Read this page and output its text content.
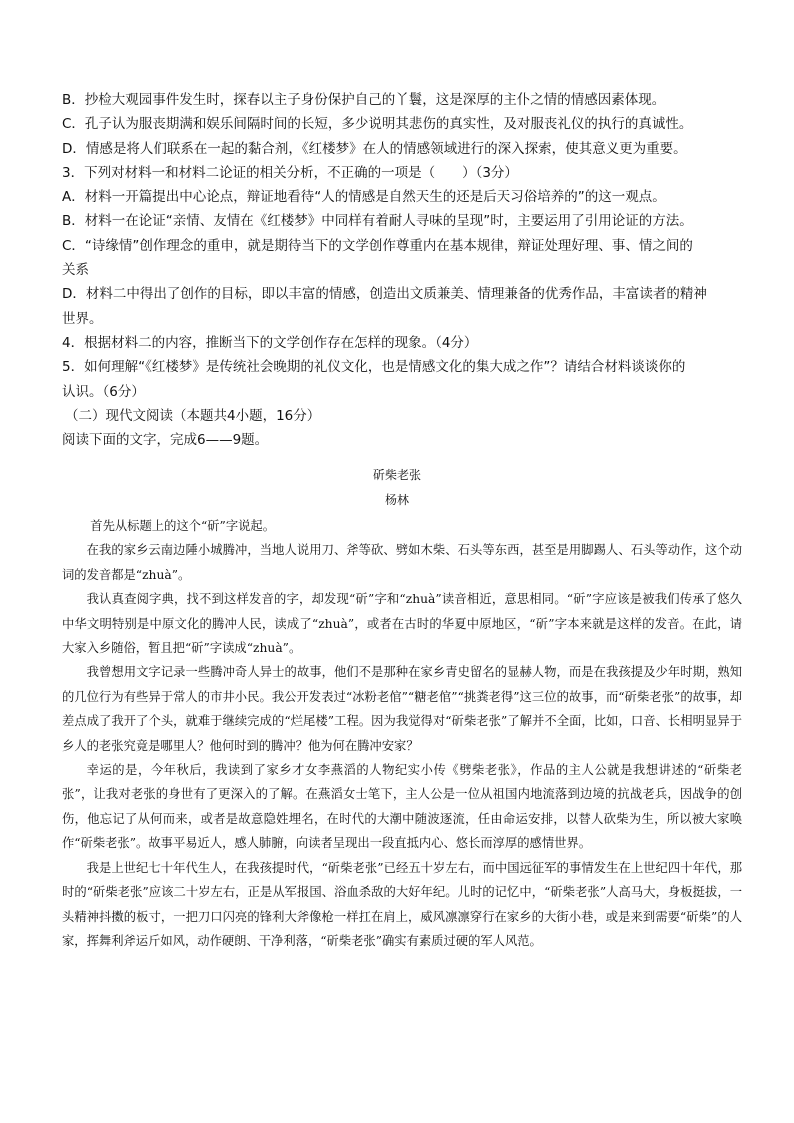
B．抄检大观园事件发生时，探春以主子身份保护自己的丫鬟，这是深厚的主仆之情的情感因素体现。

C．孔子认为服丧期满和娱乐间隔时间的长短，多少说明其悲伤的真实性，及对服丧礼仪的执行的真诚性。

D．情感是将人们联系在一起的黏合剂，《红楼梦》在人的情感领域进行的深入探索，使其意义更为重要。

3．下列对材料一和材料二论证的相关分析，不正确的一项是（　　）（3分）

A．材料一开篇提出中心论点，辩证地看待“人的情感是自然天生的还是后天习俗培养的”的这一观点。

B．材料一在论证“亲情、友情在《红楼梦》中同样有着耐人寻味的呈现”时，主要运用了引用论证的方法。

C．“诗缘情”创作理念的重申，就是期待当下的文学创作尊重内在基本规律，辩证处理好理、事、情之间的

关系

D．材料二中得出了创作的目标，即以丰富的情感，创造出文质兼美、情理兼备的优秀作品，丰富读者的精神

世界。

4．根据材料二的内容，推断当下的文学创作存在怎样的现象。（4分）

5．如何理解“《红楼梦》是传统社会晚期的礼仪文化，也是情感文化的集大成之作”？请结合材料谈谈你的

认识。（6分）

（二）现代文阅读（本题共4小题，16分）

阅读下面的文字，完成6——9题。

斫柴老张
杨林

首先从标题上的这个“斫”字说起。

在我的家乡云南边陲小城腾冲，当地人说用刀、斧等砍、劈如木柴、石头等东西，甚至是用脚踢人、石头等动作，这个动词的发音都是“zhuà”。

我认真查阅字典，找不到这样发音的字，却发现“斫”字和“zhuà”读音相近，意思相同。“斫”字应该是被我们传承了悠久中华文明特别是中原文化的腾冲人民，读成了“zhuà”，或者在古时的华夏中原地区，“斫”字本来就是这样的发音。在此，请大家入乡随俗，暂且把“斫”字读成“zhuà”。

我曾想用文字记录一些腾冲奇人异士的故事，他们不是那种在家乡青史留名的显赫人物，而是在我孩提及少年时期，熟知的几位行为有些异于常人的市井小民。我公开发表过“冰粉老倌”“糖老倌”“挑粪老得”这三位的故事，而“斫柴老张”的故事，却差点成了我开了个头，就难于继续完成的“烂尾楼”工程。因为我觉得对“斫柴老张”了解并不全面，比如，口音、长相明显异于乡人的老张究竟是哪里人？他何时到的腾冲？他为何在腾冲安家？

幸运的是，今年秋后，我读到了家乡才女李燕滔的人物纪实小传《劈柴老张》，作品的主人公就是我想讲述的“斫柴老张”，让我对老张的身世有了更深入的了解。在燕滔女士笔下，主人公是一位从祖国内地流落到边境的抗战老兵，因战争的创伤，他忘记了从何而来，或者是故意隐姓埋名，在时代的大潮中随波逐流，任由命运安排，以替人砍柴为生，所以被大家唤作“斫柴老张”。故事平易近人，感人肺腑，向读者呈现出一段直抵内心、悠长而淳厚的感情世界。

我是上世纪七十年代生人，在我孩提时代，“斫柴老张”已经五十岁左右，而中国远征军的事情发生在上世纪四十年代，那时的“斫柴老张”应该二十岁左右，正是从军报国、浴血杀敌的大好年纪。儿时的记忆中，“斫柴老张”人高马大，身板挺拔，一头精神抖擞的板寸，一把刀口闪亮的锋利大斧像枪一样扛在肩上，威风凛凛穿行在家乡的大街小巷，或是来到需要“斫柴”的人家，挥舞利斧运斤如风，动作硬朗、干净利落，“斫柴老张”确实有素质过硬的军人风范。
